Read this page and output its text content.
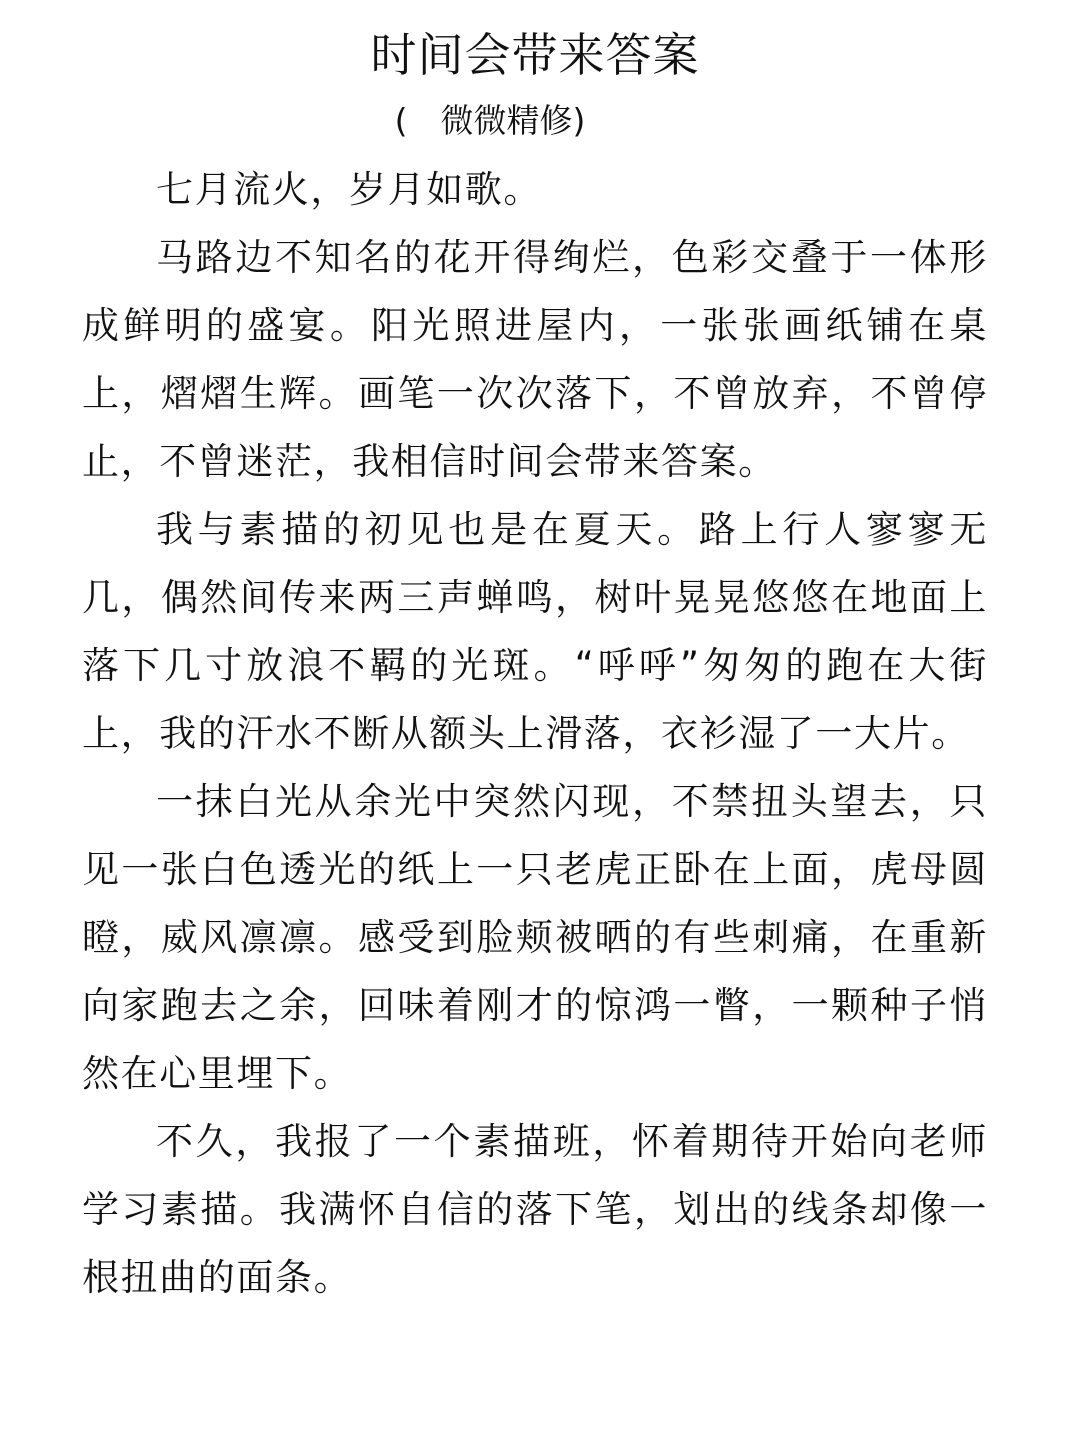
时间会带来答案
(　微微精修)

七月流火，岁月如歌。

马路边不知名的花开得绚烂，色彩交叠于一体形成鲜明的盛宴。阳光照进屋内，一张张画纸铺在桌上，熠熠生辉。画笔一次次落下，不曾放弃，不曾停止，不曾迷茫，我相信时间会带来答案。

我与素描的初见也是在夏天。路上行人寥寥无几，偶然间传来两三声蝉鸣，树叶晃晃悠悠在地面上落下几寸放浪不羁的光斑。“呼呼”匆匆的跑在大街上，我的汗水不断从额头上滑落，衣衫湿了一大片。

一抹白光从余光中突然闪现，不禁扭头望去，只见一张白色透光的纸上一只老虎正卧在上面，虎母圆瞪，威风凛凛。感受到脸颊被晒的有些刺痛，在重新向家跑去之余，回味着刚才的惊鸿一瞥，一颗种子悄然在心里埋下。

不久，我报了一个素描班，怀着期待开始向老师学习素描。我满怀自信的落下笔，划出的线条却像一根扭曲的面条。
